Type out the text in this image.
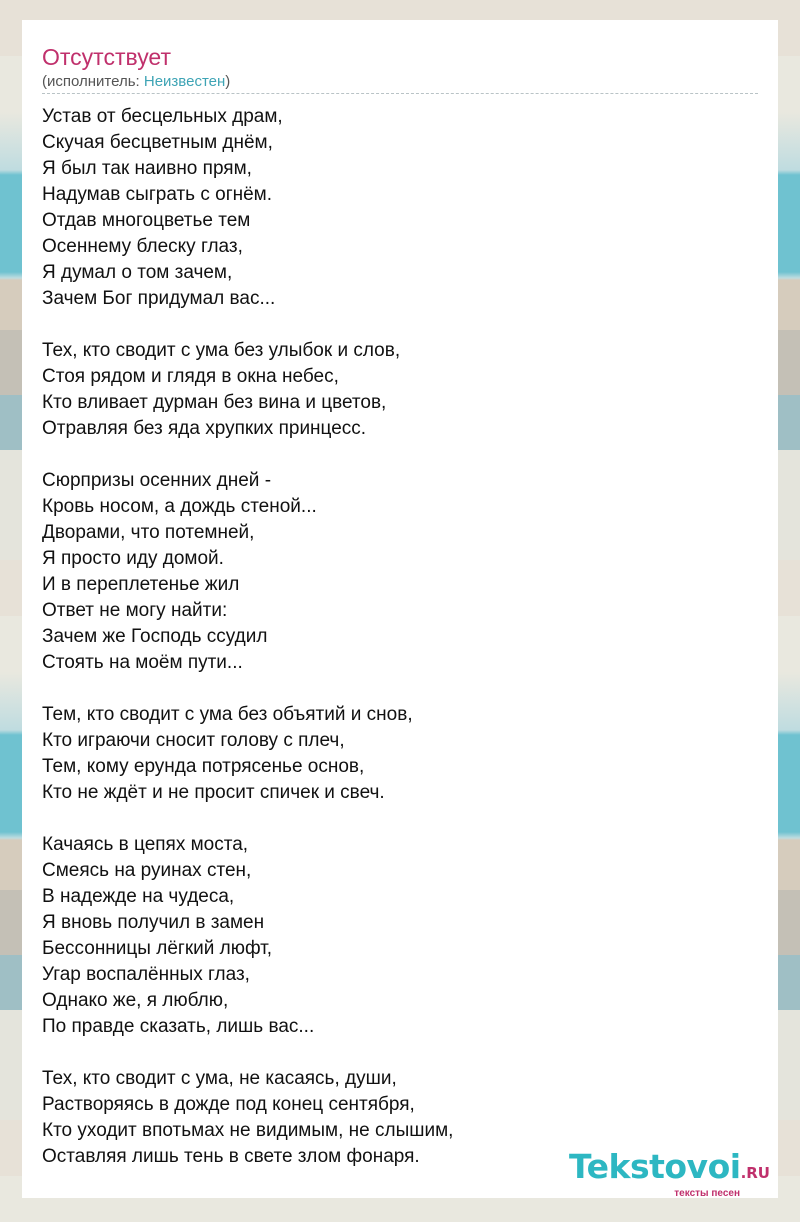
Отсутствует
(исполнитель: Неизвестен)
Устав от бесцельных драм,
Скучая бесцветным днём,
Я был так наивно прям,
Надумав сыграть с огнём.
Отдав многоцветье тем
Осеннему блеску глаз,
Я думал о том зачем,
Зачем Бог придумал вас...
Тех, кто сводит с ума без улыбок и слов,
Стоя рядом и глядя в окна небес,
Кто вливает дурман без вина и цветов,
Отравляя без яда хрупких принцесс.
Сюрпризы осенних дней -
Кровь носом, а дождь стеной...
Дворами, что потемней,
Я просто иду домой.
И в переплетенье жил
Ответ не могу найти:
Зачем же Господь ссудил
Стоять на моём пути...
Тем, кто сводит с ума без объятий и снов,
Кто играючи сносит голову с плеч,
Тем, кому ерунда потрясенье основ,
Кто не ждёт и не просит спичек и свеч.
Качаясь в цепях моста,
Смеясь на руинах стен,
В надежде на чудеса,
Я вновь получил в замен
Бессонницы лёгкий люфт,
Угар воспалённых глаз,
Однако же, я люблю,
По правде сказать, лишь вас...
Тех, кто сводит с ума, не касаясь, души,
Растворяясь в дожде под конец сентября,
Кто уходит впотьмах не видимым, не слышим,
Оставляя лишь тень в свете злом фонаря.	Tekstovoi.RU
тексты песен
